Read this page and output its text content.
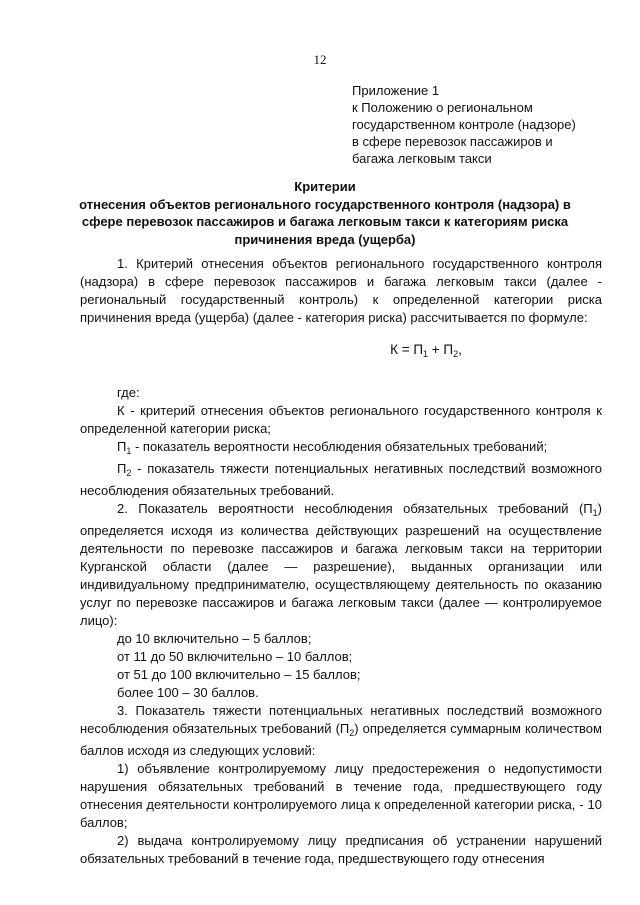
12
Приложение 1
к Положению о региональном
государственном контроле (надзоре)
в сфере перевозок пассажиров и
багажа легковым такси
Критерии
отнесения объектов регионального государственного контроля (надзора) в
сфере перевозок пассажиров и багажа легковым такси к категориям риска
причинения вреда (ущерба)

1. Критерий отнесения объектов регионального государственного контроля (надзора) в сфере перевозок пассажиров и багажа легковым такси (далее - региональный государственный контроль) к определенной категории риска причинения вреда (ущерба) (далее - категория риска) рассчитывается по формуле:

$К = П_1 + П_2$,
где:

К - критерий отнесения объектов регионального государственного контроля к определенной категории риска;

$П_1$ - показатель вероятности несоблюдения обязательных требований;

$П_2$ - показатель тяжести потенциальных негативных последствий возможного несоблюдения обязательных требований.

2. Показатель вероятности несоблюдения обязательных требований $(П_1)$ определяется исходя из количества действующих разрешений на осуществление деятельности по перевозке пассажиров и багажа легковым такси на территории Курганской области (далее — разрешение), выданных организации или индивидуальному предпринимателю, осуществляющему деятельность по оказанию услуг по перевозке пассажиров и багажа легковым такси (далее — контролируемое лицо):

до 10 включительно – 5 баллов;
от 11 до 50 включительно – 10 баллов;
от 51 до 100 включительно – 15 баллов;
более 100 – 30 баллов.

3. Показатель тяжести потенциальных негативных последствий возможного несоблюдения обязательных требований $(П_2)$ определяется суммарным количеством баллов исходя из следующих условий:

1) объявление контролируемому лицу предостережения о недопустимости нарушения обязательных требований в течение года, предшествующего году отнесения деятельности контролируемого лица к определенной категории риска, - 10 баллов;

2) выдача контролируемому лицу предписания об устранении нарушений обязательных требований в течение года, предшествующего году отнесения
